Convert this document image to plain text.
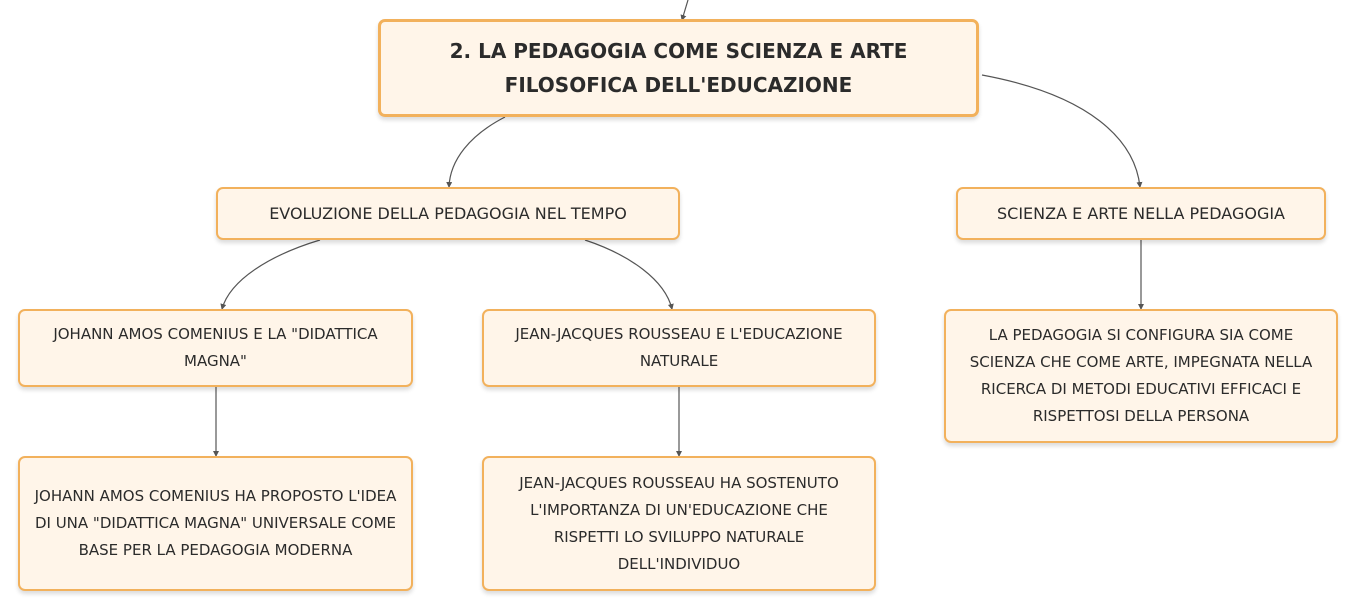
2. LA PEDAGOGIA COME SCIENZA E ARTE FILOSOFICA DELL'EDUCAZIONE
EVOLUZIONE DELLA PEDAGOGIA NEL TEMPO	SCIENZA E ARTE NELLA PEDAGOGIA
JOHANN AMOS COMENIUS E LA "DIDATTICA MAGNA"
JEAN-JACQUES ROUSSEAU E L'EDUCAZIONE NATURALE
JOHANN AMOS COMENIUS HA PROPOSTO L'IDEA DI UNA "DIDATTICA MAGNA" UNIVERSALE COME BASE PER LA PEDAGOGIA MODERNA
JEAN-JACQUES ROUSSEAU HA SOSTENUTO L'IMPORTANZA DI UN'EDUCAZIONE CHE RISPETTI LO SVILUPPO NATURALE DELL'INDIVIDUO
LA PEDAGOGIA SI CONFIGURA SIA COME SCIENZA CHE COME ARTE, IMPEGNATA NELLA RICERCA DI METODI EDUCATIVI EFFICACI E RISPETTOSI DELLA PERSONA
